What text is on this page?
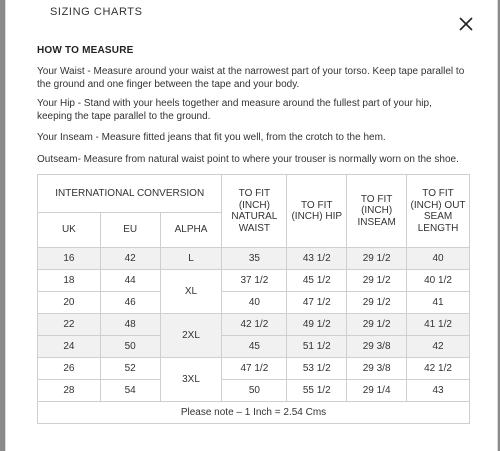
SIZING CHARTS
HOW TO MEASURE
Your Waist - Measure around your waist at the narrowest part of your torso. Keep tape parallel to the ground and one finger between the tape and your body.
Your Hip - Stand with your heels together and measure around the fullest part of your hip, keeping the tape parallel to the ground.
Your Inseam - Measure fitted jeans that fit you well, from the crotch to the hem.
Outseam- Measure from natural waist point to where your trouser is normally worn on the shoe.
INTERNATIONAL CONVERSION			TO FIT (INCH) NATURAL WAIST	TO FIT (INCH) HIP	TO FIT (INCH) INSEAM	TO FIT (INCH) OUT SEAM LENGTH
UK	EU	ALPHA				
16	42	L	35	43 1/2	29 1/2	40
18	44	XL	37 1/2	45 1/2	29 1/2	40 1/2
20	46		40	47 1/2	29 1/2	41
22	48	2XL	42 1/2	49 1/2	29 1/2	41 1/2
24	50		45	51 1/2	29 3/8	42
26	52	3XL	47 1/2	53 1/2	29 3/8	42 1/2
28	54		50	55 1/2	29 1/4	43
Please note – 1 Inch = 2.54 Cms						
